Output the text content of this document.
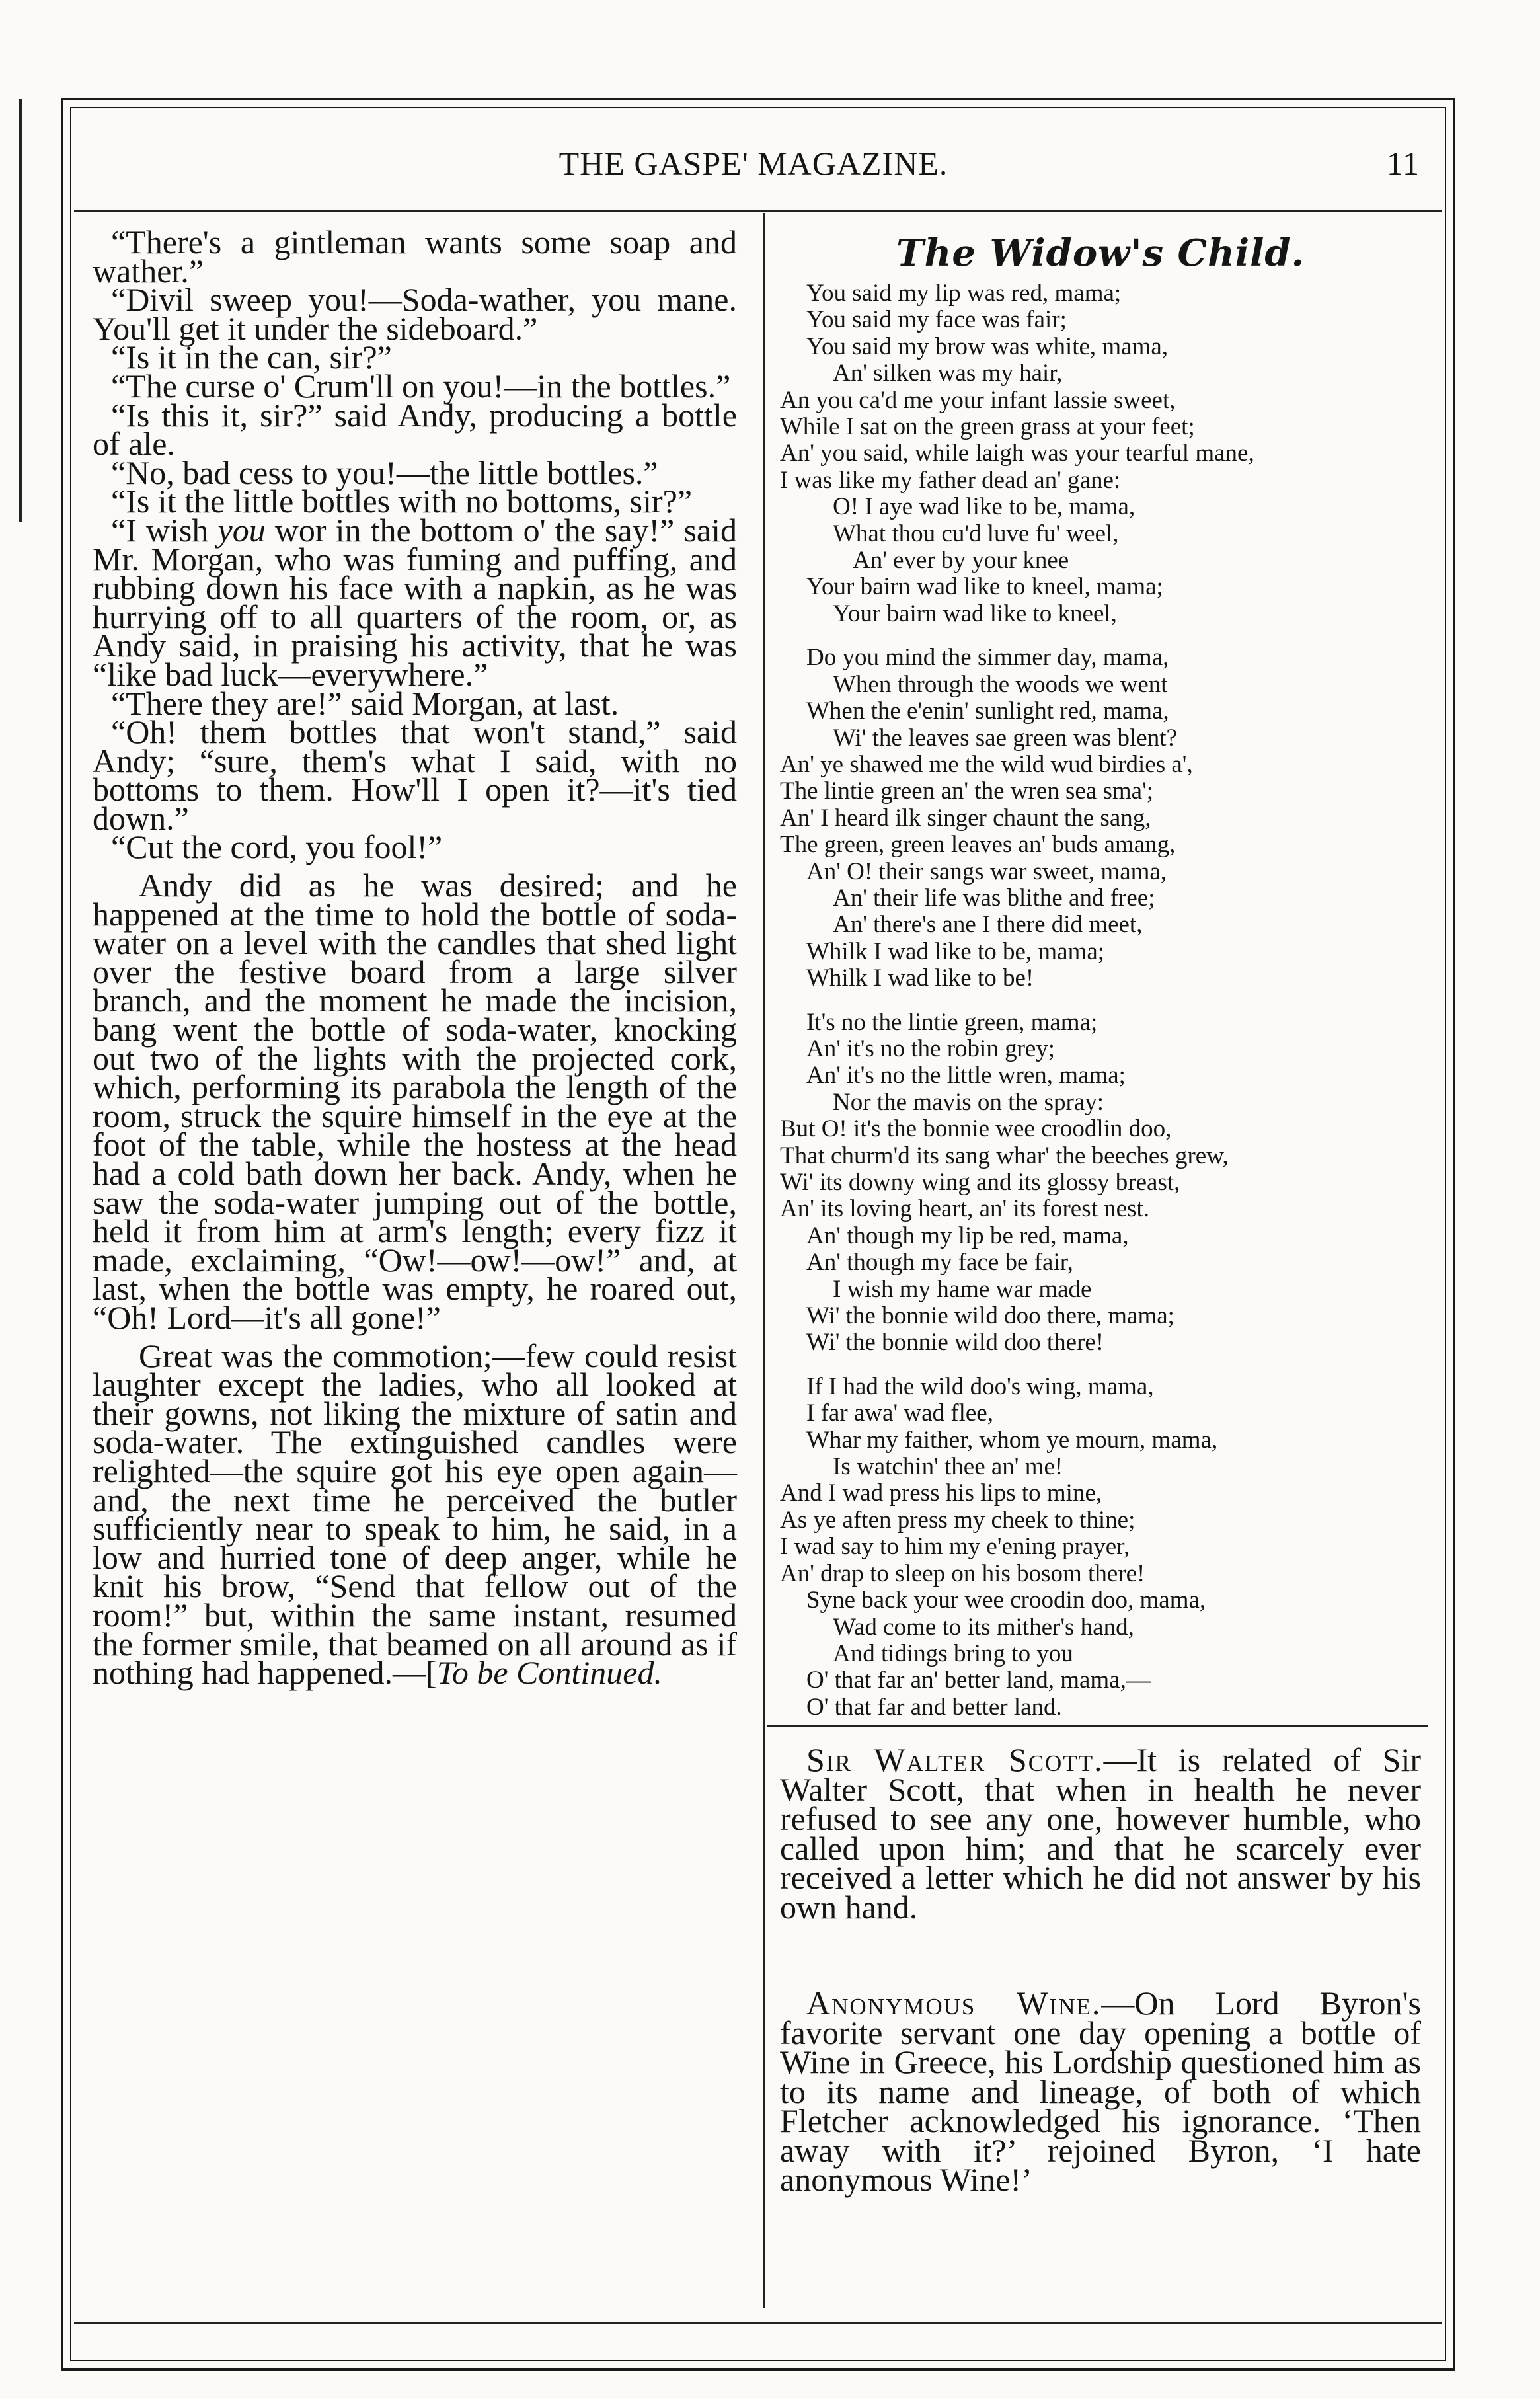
THE GASPE' MAGAZINE.	11

“There's a gintleman wants some soap and wather.”

“Divil sweep you!—Soda-wather, you mane. You'll get it under the sideboard.”

“Is it in the can, sir?”

“The curse o' Crum'll on you!—in the bottles.”

“Is this it, sir?” said Andy, producing a bottle of ale.

“No, bad cess to you!—the little bottles.”

“Is it the little bottles with no bottoms, sir?”

“I wish you wor in the bottom o' the say!” said Mr. Morgan, who was fuming and puffing, and rubbing down his face with a napkin, as he was hurrying off to all quarters of the room, or, as Andy said, in praising his activity, that he was “like bad luck—everywhere.”

“There they are!” said Morgan, at last.

“Oh! them bottles that won't stand,” said Andy; “sure, them's what I said, with no bottoms to them. How'll I open it?—it's tied down.”

“Cut the cord, you fool!”

Andy did as he was desired; and he happened at the time to hold the bottle of soda-water on a level with the candles that shed light over the festive board from a large silver branch, and the moment he made the incision, bang went the bottle of soda-water, knocking out two of the lights with the projected cork, which, performing its parabola the length of the room, struck the squire himself in the eye at the foot of the table, while the hostess at the head had a cold bath down her back. Andy, when he saw the soda-water jumping out of the bottle, held it from him at arm's length; every fizz it made, exclaiming, “Ow!—ow!—ow!” and, at last, when the bottle was empty, he roared out, “Oh! Lord—it's all gone!”

Great was the commotion;—few could resist laughter except the ladies, who all looked at their gowns, not liking the mixture of satin and soda-water. The extinguished candles were relighted—the squire got his eye open again—and, the next time he perceived the butler sufficiently near to speak to him, he said, in a low and hurried tone of deep anger, while he knit his brow, “Send that fellow out of the room!” but, within the same instant, resumed the former smile, that beamed on all around as if nothing had happened.—[To be Continued.

The Widow's Child.
You said my lip was red, mama;
You said my face was fair;
You said my brow was white, mama,
An' silken was my hair,
An you ca'd me your infant lassie sweet,
While I sat on the green grass at your feet;
An' you said, while laigh was your tearful mane,
I was like my father dead an' gane:
O! I aye wad like to be, mama,
What thou cu'd luve fu' weel,
An' ever by your knee
Your bairn wad like to kneel, mama;
Your bairn wad like to kneel,
Do you mind the simmer day, mama,
When through the woods we went
When the e'enin' sunlight red, mama,
Wi' the leaves sae green was blent?
An' ye shawed me the wild wud birdies a',
The lintie green an' the wren sea sma';
An' I heard ilk singer chaunt the sang,
The green, green leaves an' buds amang,
An' O! their sangs war sweet, mama,
An' their life was blithe and free;
An' there's ane I there did meet,
Whilk I wad like to be, mama;
Whilk I wad like to be!
It's no the lintie green, mama;
An' it's no the robin grey;
An' it's no the little wren, mama;
Nor the mavis on the spray:
But O! it's the bonnie wee croodlin doo,
That churm'd its sang whar' the beeches grew,
Wi' its downy wing and its glossy breast,
An' its loving heart, an' its forest nest.
An' though my lip be red, mama,
An' though my face be fair,
I wish my hame war made
Wi' the bonnie wild doo there, mama;
Wi' the bonnie wild doo there!
If I had the wild doo's wing, mama,
I far awa' wad flee,
Whar my faither, whom ye mourn, mama,
Is watchin' thee an' me!
And I wad press his lips to mine,
As ye aften press my cheek to thine;
I wad say to him my e'ening prayer,
An' drap to sleep on his bosom there!
Syne back your wee croodin doo, mama,
Wad come to its mither's hand,
And tidings bring to you
O' that far an' better land, mama,—
O' that far and better land.
Sir Walter Scott.—It is related of Sir Walter Scott, that when in health he never refused to see any one, however humble, who called upon him; and that he scarcely ever received a letter which he did not answer by his own hand.
Anonymous Wine.—On Lord Byron's favorite servant one day opening a bottle of Wine in Greece, his Lordship questioned him as to its name and lineage, of both of which Fletcher acknowledged his ignorance. ‘Then away with it?’ rejoined Byron, ‘I hate anonymous Wine!’
